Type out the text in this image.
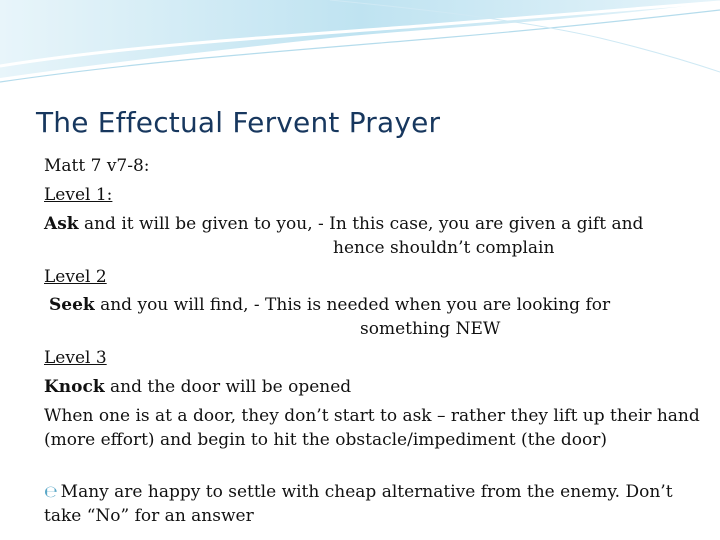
The Effectual Fervent Prayer
Matt 7 v7-8:
Level 1:
Ask and it will be given to you, - In this case, you are given a gift and
hence shouldn’t complain
Level 2
Seek and you will find, - This is needed when you are looking for
something NEW
Level 3
Knock and the door will be opened
When one is at a door, they don’t start to ask – rather they lift up their hand
(more effort) and begin to hit the obstacle/impediment (the door)
℮ Many are happy to settle with cheap alternative from the enemy. Don’t
take “No” for an answer
